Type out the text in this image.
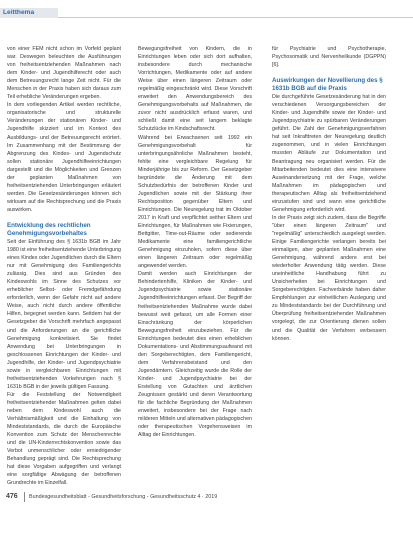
Leitthema

von einer FEM nicht schon im Vorfeld geplant war. Deswegen beleuchten die Ausführungen von freiheitsentziehenden Maßnahmen nach dem Kinder- und Jugendhilferecht oder auch dem Betreuungsrecht lange Zeit nicht. Für die Menschen in der Praxis haben sich daraus zum Teil erhebliche Veränderungen ergeben.

In dem vorliegenden Artikel werden rechtliche, organisatorische und strukturelle Veränderungen der stationären Kinder- und Jugendhilfe skizziert und im Kontext des Ausbildungs- und der Betreuungsrecht erörtert. Im Zusammenhang mit der Bestimmung der Abgrenzung des Kindes- und Jugendschutz sollen stationäre Jugendhilfeeinrichtungen dargestellt und die Möglichkeiten und Grenzen der geplanten Maßnahmen von freiheitsentziehenden Unterbringungen erläutert werden. Die Gesetzesänderungen können sich wirksam auf die Rechtsprechung und die Praxis auswirken.

Entwicklung des rechtlichen Genehmigungsvorbehaltes

Seit der Einführung des § 1631b BGB im Jahr 1980 ist eine freiheitsentziehende Unterbringung eines Kindes oder Jugendlichen durch die Eltern nur mit Genehmigung des Familiengerichts zulässig. Dies sind aus Gründen des Kindeswohls im Sinne des Schutzes vor erheblicher Selbst- oder Fremdgefährdung erforderlich, wenn der Gefahr nicht auf andere Weise, auch nicht durch andere öffentliche Hilfen, begegnet werden kann. Seitdem hat der Gesetzgeber die Vorschrift mehrfach angepasst und die Anforderungen an die gerichtliche Genehmigung konkretisiert. Sie findet Anwendung bei Unterbringungen in geschlossenen Einrichtungen der Kinder- und Jugendhilfe, der Kinder- und Jugendpsychiatrie sowie in vergleichbaren Einrichtungen mit freiheitsentziehenden Vorkehrungen nach § 1631b BGB in der jeweils gültigen Fassung.

Für die Feststellung der Notwendigkeit freiheitsentziehender Maßnahmen gelten dabei neben dem Kindeswohl auch die Verhältnismäßigkeit und die Einhaltung von Mindeststandards, die durch die Europäische Konvention zum Schutz der Menschenrechte und die UN-Kinderrechtskonvention sowie das Verbot unmenschlicher oder erniedrigender Behandlung geprägt sind. Die Rechtsprechung hat diese Vorgaben aufgegriffen und verlangt eine sorgfältige Abwägung der betroffenen Grundrechte im Einzelfall.

Bewegungsfreiheit von Kindern, die in Einrichtungen leben oder sich dort aufhalten, insbesondere durch mechanische Vorrichtungen, Medikamente oder auf andere Weise über einen längeren Zeitraum oder regelmäßig eingeschränkt wird. Diese Vorschrift erweitert den Anwendungsbereich des Genehmigungsvorbehalts auf Maßnahmen, die zuvor nicht ausdrücklich erfasst waren, und schließt damit eine seit langem beklagte Schutzlücke im Kindschaftsrecht.

Während bei Erwachsenen seit 1992 ein Genehmigungsvorbehalt für unterbringungsähnliche Maßnahmen besteht, fehlte eine vergleichbare Regelung für Minderjährige bis zur Reform. Der Gesetzgeber begründete die Änderung mit dem Schutzbedürfnis der betroffenen Kinder und Jugendlichen sowie mit der Stärkung ihrer Rechtsposition gegenüber Eltern und Einrichtungen. Die Neuregelung trat im Oktober 2017 in Kraft und verpflichtet seither Eltern und Einrichtungen, für Maßnahmen wie Fixierungen, Bettgitter, Time-out-Räume oder sedierende Medikamente eine familiengerichtliche Genehmigung einzuholen, sofern diese über einen längeren Zeitraum oder regelmäßig angewendet werden.

Damit werden auch Einrichtungen der Behindertenhilfe, Kliniken der Kinder- und Jugendpsychiatrie sowie stationäre Jugendhilfeeinrichtungen erfasst. Der Begriff der freiheitsentziehenden Maßnahme wurde dabei bewusst weit gefasst, um alle Formen einer Einschränkung der körperlichen Bewegungsfreiheit einzubeziehen. Für die Einrichtungen bedeutet dies einen erheblichen Dokumentations- und Abstimmungsaufwand mit den Sorgeberechtigten, dem Familiengericht, dem Verfahrensbeistand und den Jugendämtern. Gleichzeitig wurde die Rolle der Kinder- und Jugendpsychiatrie bei der Erstellung von Gutachten und ärztlichen Zeugnissen gestärkt und deren Verantwortung für die fachliche Begründung der Maßnahmen erweitert, insbesondere bei der Frage nach milderen Mitteln und alternativen pädagogischen oder therapeutischen Vorgehensweisen im Alltag der Einrichtungen.

für Psychiatrie und Psychotherapie, Psychosomatik und Nervenheilkunde (DGPPN) [6].

Auswirkungen der Novellierung des § 1631b BGB auf die Praxis

Die durchgeführte Gesetzesänderung hat in den verschiedenen Versorgungsbereichen der Kinder- und Jugendhilfe sowie der Kinder- und Jugendpsychiatrie zu spürbaren Veränderungen geführt. Die Zahl der Genehmigungsverfahren hat seit Inkrafttreten der Neuregelung deutlich zugenommen, und in vielen Einrichtungen mussten Abläufe zur Dokumentation und Beantragung neu organisiert werden. Für die Mitarbeitenden bedeutet dies eine intensivere Auseinandersetzung mit der Frage, welche Maßnahmen im pädagogischen und therapeutischen Alltag als freiheitsentziehend einzustufen sind und wann eine gerichtliche Genehmigung erforderlich wird.

In der Praxis zeigt sich zudem, dass die Begriffe "über einen längeren Zeitraum" und "regelmäßig" unterschiedlich ausgelegt werden. Einige Familiengerichte verlangen bereits bei einmaligen, aber geplanten Maßnahmen eine Genehmigung, während andere erst bei wiederholter Anwendung tätig werden. Diese uneinheitliche Handhabung führt zu Unsicherheiten bei Einrichtungen und Sorgeberechtigten. Fachverbände haben daher Empfehlungen zur einheitlichen Auslegung und zu Mindeststandards bei der Durchführung und Überprüfung freiheitsentziehender Maßnahmen vorgelegt, die zur Orientierung dienen sollen und die Qualität der Verfahren verbessern können.

476 Bundesgesundheitsblatt - Gesundheitsforschung - Gesundheitsschutz 4 · 2019
